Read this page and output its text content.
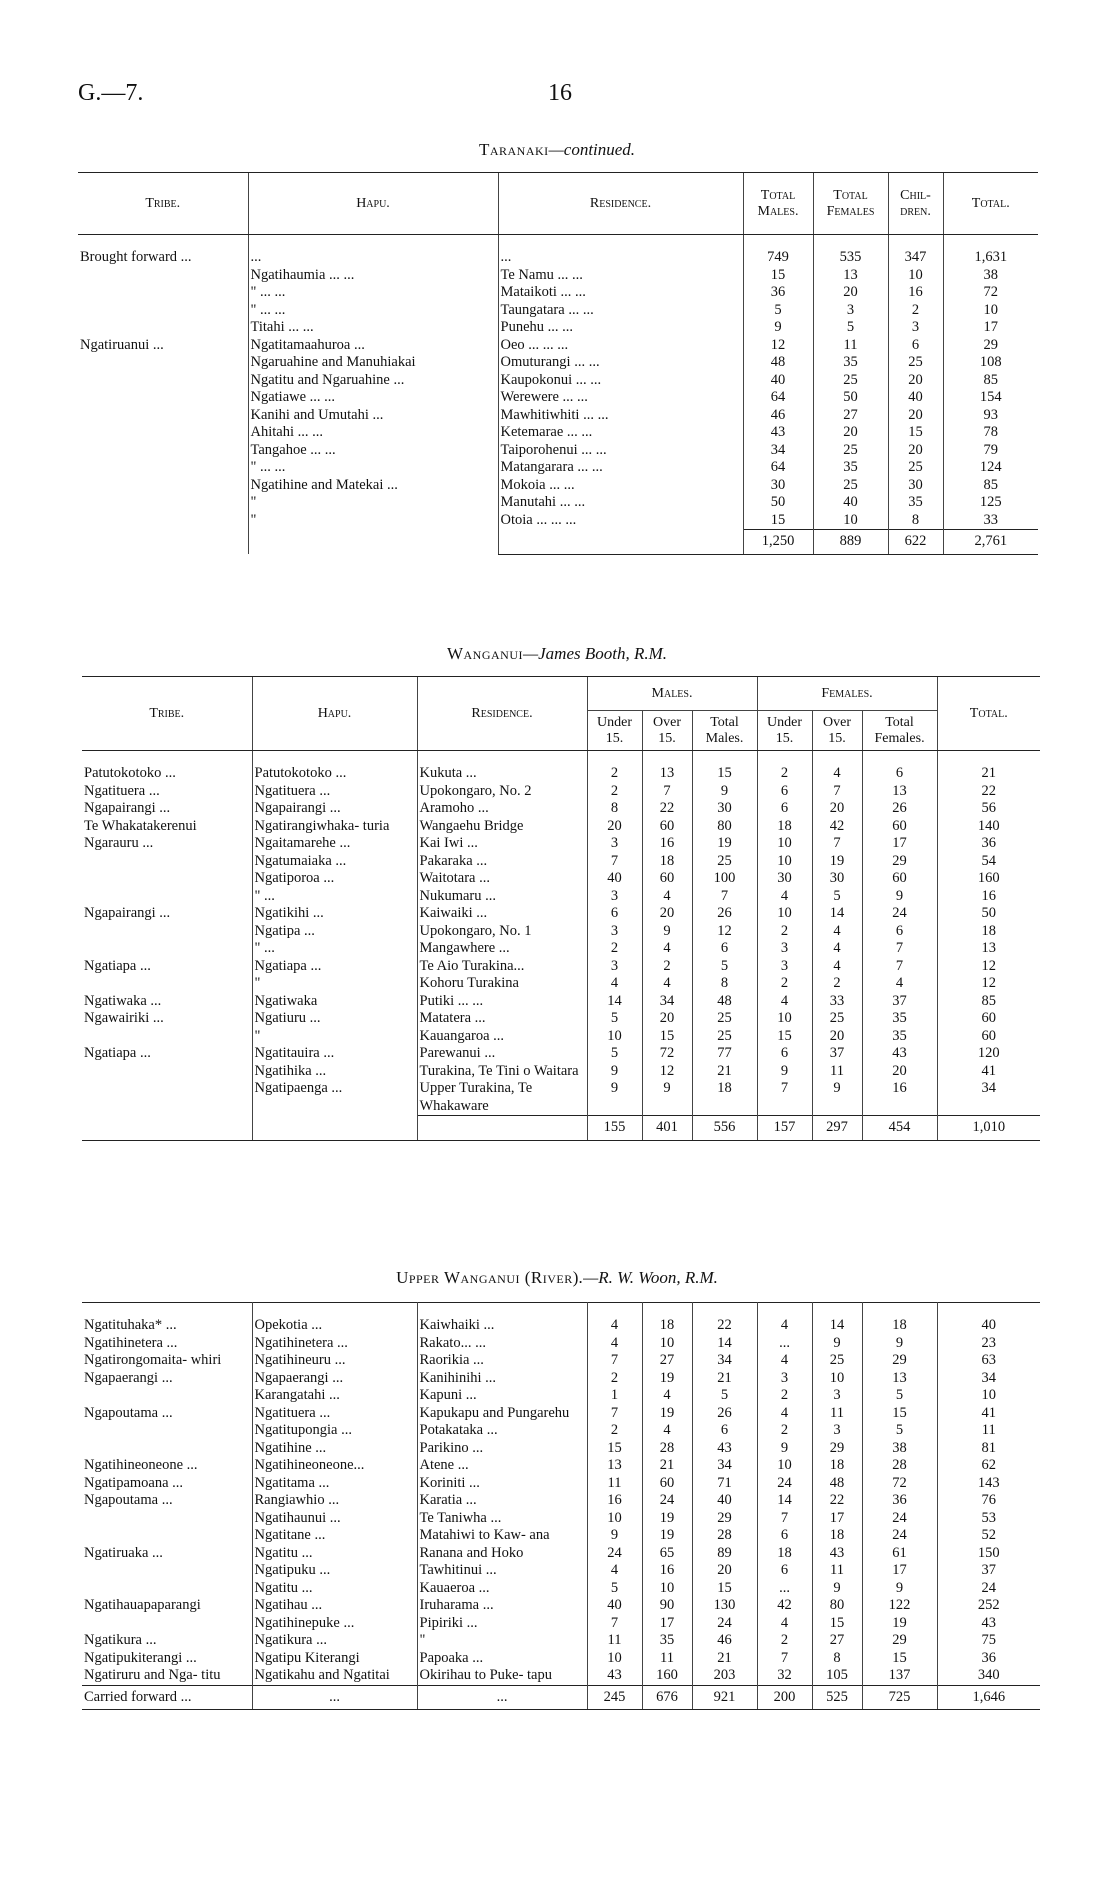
G.—7.	16
Taranaki—continued.
Tribe.	Hapu.	Residence.	Total Males.	Total Females	Chil- dren.	Total.

Brought forward ...	...	...	749	535	347	1,631
	Ngatihaumia ... ...	Te Namu ... ...	15	13	10	38
	" ... ...	Mataikoti ... ...	36	20	16	72
	" ... ...	Taungatara ... ...	5	3	2	10
	Titahi ... ...	Punehu ... ...	9	5	3	17
Ngatiruanui ...	Ngatitamaahuroa ...	Oeo ... ... ...	12	11	6	29
	Ngaruahine and Manuhiakai	Omuturangi ... ...	48	35	25	108
	Ngatitu and Ngaruahine ...	Kaupokonui ... ...	40	25	20	85
	Ngatiawe ... ...	Werewere ... ...	64	50	40	154
	Kanihi and Umutahi ...	Mawhitiwhiti ... ...	46	27	20	93
	Ahitahi ... ...	Ketemarae ... ...	43	20	15	78
	Tangahoe ... ...	Taiporohenui ... ...	34	25	20	79
	" ... ...	Matangarara ... ...	64	35	25	124
	Ngatihine and Matekai ...	Mokoia ... ...	30	25	30	85
	"	Manutahi ... ...	50	40	35	125
	"	Otoia ... ... ...	15	10	8	33
			1,250	889	622	2,761
Wanganui—James Booth, R.M.
Tribe.	Hapu.	Residence.	Males.			Females.			Total.
			Under 15.	Over 15.	Total Males.	Under 15.	Over 15.	Total Females.	

Patutokotoko ...	Patutokotoko ...	Kukuta ...	2	13	15	2	4	6	21
Ngatituera ...	Ngatituera ...	Upokongaro, No. 2	2	7	9	6	7	13	22
Ngapairangi ...	Ngapairangi ...	Aramoho ...	8	22	30	6	20	26	56
Te Whakatakerenui	Ngatirangiwhaka- turia	Wangaehu Bridge	20	60	80	18	42	60	140
Ngarauru ...	Ngaitamarehe ...	Kai Iwi ...	3	16	19	10	7	17	36
	Ngatumaiaka ...	Pakaraka ...	7	18	25	10	19	29	54
	Ngatiporoa ...	Waitotara ...	40	60	100	30	30	60	160
	" ...	Nukumaru ...	3	4	7	4	5	9	16
Ngapairangi ...	Ngatikihi ...	Kaiwaiki ...	6	20	26	10	14	24	50
	Ngatipa ...	Upokongaro, No. 1	3	9	12	2	4	6	18
	" ...	Mangawhere ...	2	4	6	3	4	7	13
Ngatiapa ...	Ngatiapa ...	Te Aio Turakina...	3	2	5	3	4	7	12
	"	Kohoru Turakina	4	4	8	2	2	4	12
Ngatiwaka ...	Ngatiwaka	Putiki ... ...	14	34	48	4	33	37	85
Ngawairiki ...	Ngatiuru ...	Matatera ...	5	20	25	10	25	35	60
	"	Kauangaroa ...	10	15	25	15	20	35	60
Ngatiapa ...	Ngatitauira ...	Parewanui ...	5	72	77	6	37	43	120
	Ngatihika ...	Turakina, Te Tini o Waitara	9	12	21	9	11	20	41
	Ngatipaenga ...	Upper Turakina, Te Whakaware	9	9	18	7	9	16	34
			155	401	556	157	297	454	1,010
Upper Wanganui (River).—R. W. Woon, R.M.

Ngatituhaka* ...	Opekotia ...	Kaiwhaiki ...	4	18	22	4	14	18	40
Ngatihinetera ...	Ngatihinetera ...	Rakato... ...	4	10	14	...	9	9	23
Ngatirongomaita- whiri	Ngatihineuru ...	Raorikia ...	7	27	34	4	25	29	63
Ngapaerangi ...	Ngapaerangi ...	Kanihinihi ...	2	19	21	3	10	13	34
	Karangatahi ...	Kapuni ...	1	4	5	2	3	5	10
Ngapoutama ...	Ngatituera ...	Kapukapu and Pungarehu	7	19	26	4	11	15	41
	Ngatitupongia ...	Potakataka ...	2	4	6	2	3	5	11
	Ngatihine ...	Parikino ...	15	28	43	9	29	38	81
Ngatihineoneone ...	Ngatihineoneone...	Atene ...	13	21	34	10	18	28	62
Ngatipamoana ...	Ngatitama ...	Koriniti ...	11	60	71	24	48	72	143
Ngapoutama ...	Rangiawhio ...	Karatia ...	16	24	40	14	22	36	76
	Ngatihaunui ...	Te Taniwha ...	10	19	29	7	17	24	53
	Ngatitane ...	Matahiwi to Kaw- ana	9	19	28	6	18	24	52
Ngatiruaka ...	Ngatitu ...	Ranana and Hoko	24	65	89	18	43	61	150
	Ngatipuku ...	Tawhitinui ...	4	16	20	6	11	17	37
	Ngatitu ...	Kauaeroa ...	5	10	15	...	9	9	24
Ngatihauapaparangi	Ngatihau ...	Iruharama ...	40	90	130	42	80	122	252
	Ngatihinepuke ...	Pipiriki ...	7	17	24	4	15	19	43
Ngatikura ...	Ngatikura ...	"	11	35	46	2	27	29	75
Ngatipukiterangi ...	Ngatipu Kiterangi	Papoaka ...	10	11	21	7	8	15	36
Ngatiruru and Nga- titu	Ngatikahu and Ngatitai	Okirihau to Puke- tapu	43	160	203	32	105	137	340
Carried forward ...	...	...	245	676	921	200	525	725	1,646
